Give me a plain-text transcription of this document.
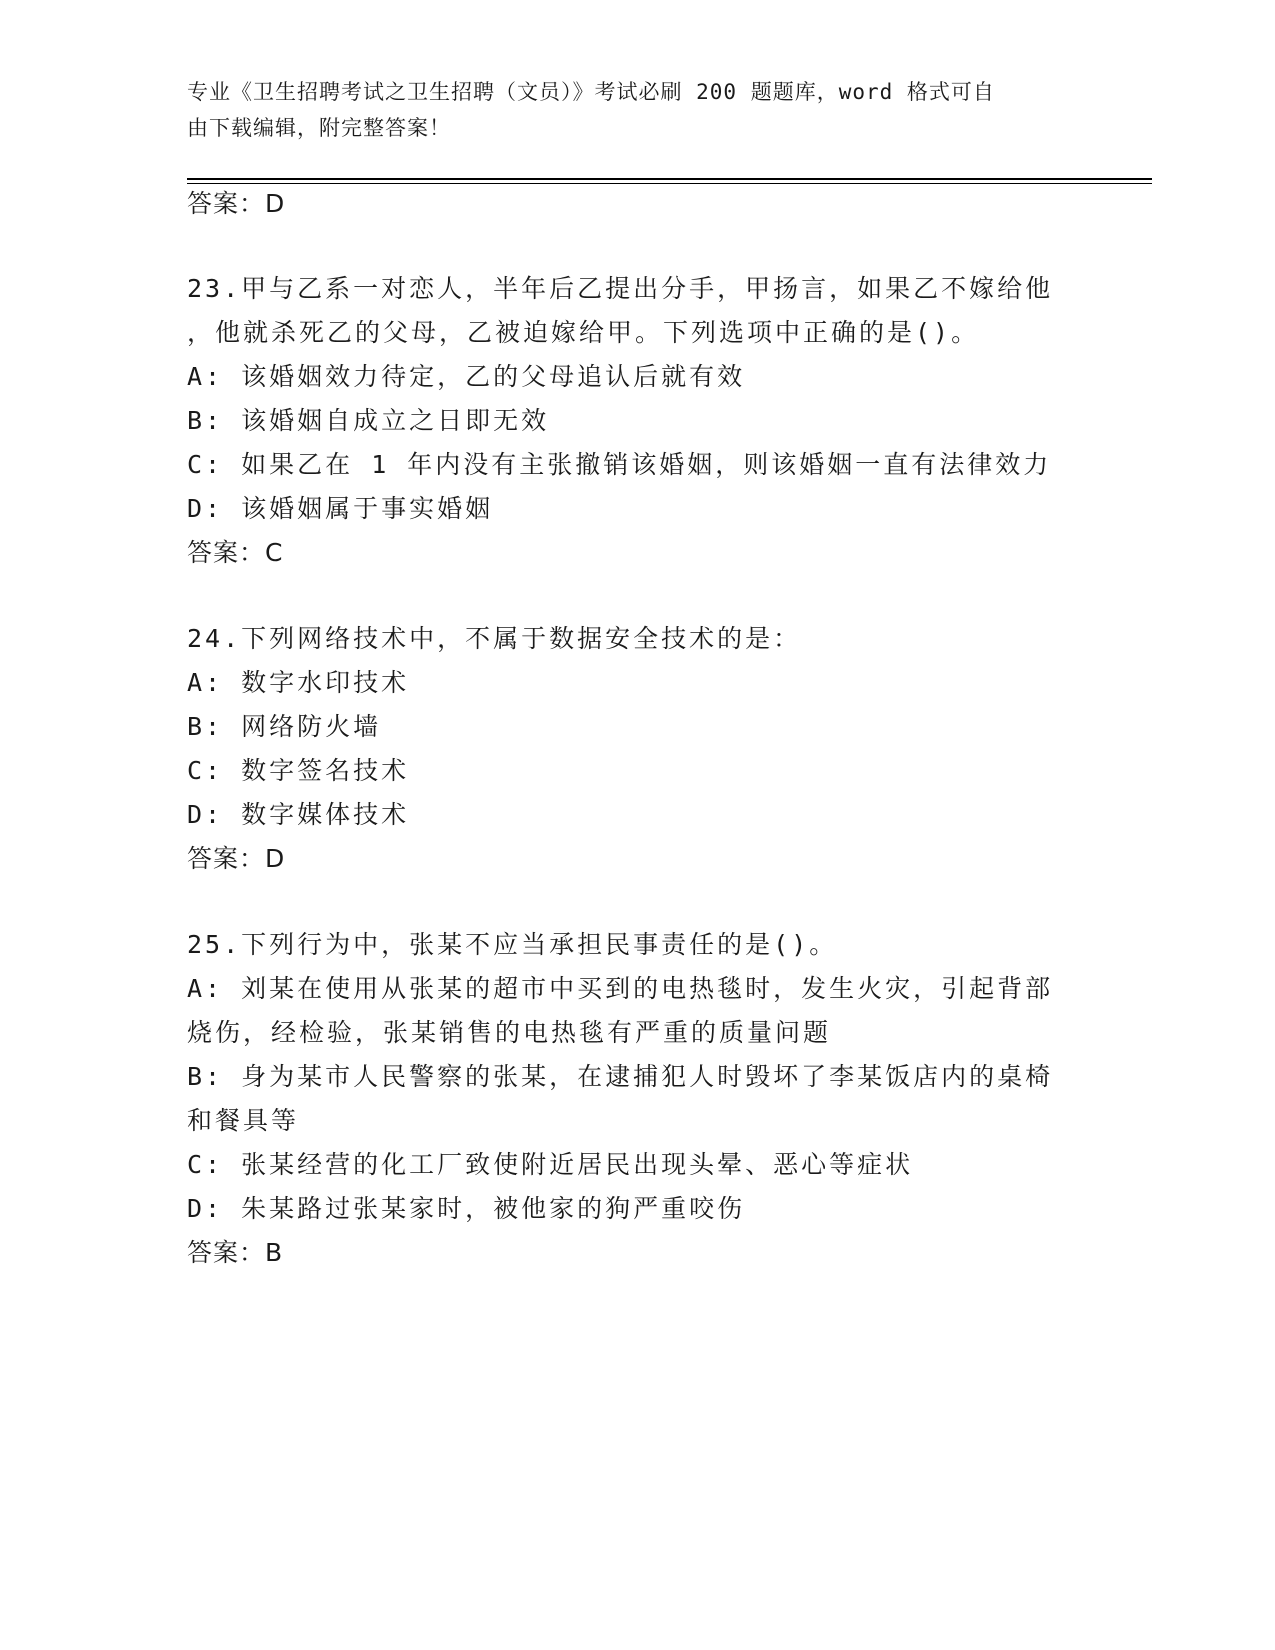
专业《卫生招聘考试之卫生招聘（文员）》考试必刷 200 题题库，word 格式可自
由下载编辑，附完整答案！
答案：D
23.甲与乙系一对恋人，半年后乙提出分手，甲扬言，如果乙不嫁给他
，他就杀死乙的父母，乙被迫嫁给甲。下列选项中正确的是()。
A: 该婚姻效力待定，乙的父母追认后就有效
B: 该婚姻自成立之日即无效
C: 如果乙在 1 年内没有主张撤销该婚姻，则该婚姻一直有法律效力
D: 该婚姻属于事实婚姻
答案：C
24.下列网络技术中，不属于数据安全技术的是：
A: 数字水印技术
B: 网络防火墙
C: 数字签名技术
D: 数字媒体技术
答案：D
25.下列行为中，张某不应当承担民事责任的是()。
A: 刘某在使用从张某的超市中买到的电热毯时，发生火灾，引起背部
烧伤，经检验，张某销售的电热毯有严重的质量问题
B: 身为某市人民警察的张某，在逮捕犯人时毁坏了李某饭店内的桌椅
和餐具等
C: 张某经营的化工厂致使附近居民出现头晕、恶心等症状
D: 朱某路过张某家时，被他家的狗严重咬伤
答案：B
